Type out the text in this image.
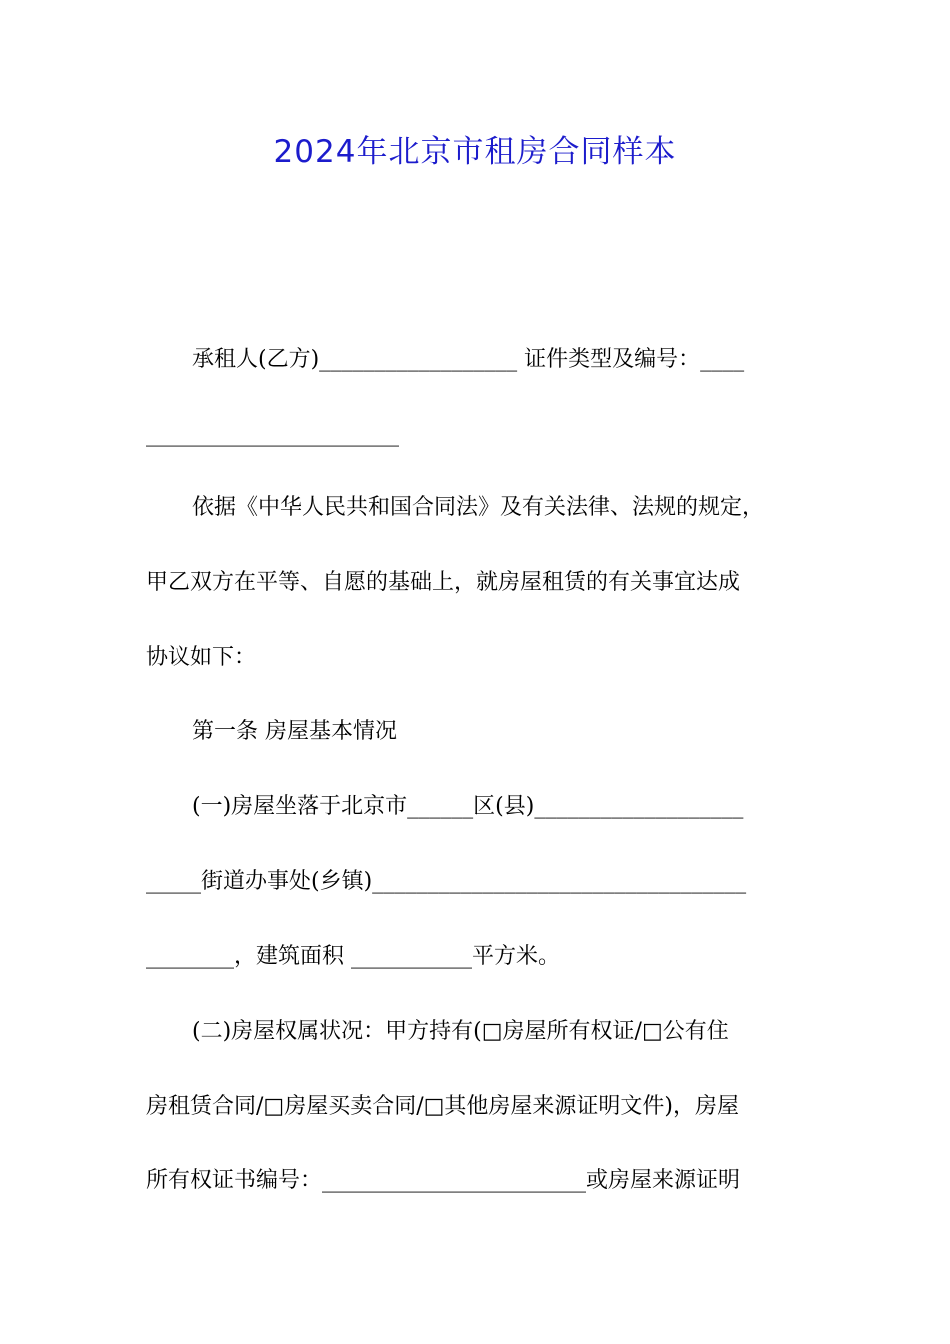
2024年北京市租房合同样本
承租人(乙方)__________________ 证件类型及编号：____
_______________________
依据《中华人民共和国合同法》及有关法律、法规的规定，
甲乙双方在平等、自愿的基础上，就房屋租赁的有关事宜达成
协议如下：
第一条 房屋基本情况
(一)房屋坐落于北京市______区(县)___________________
_____街道办事处(乡镇)__________________________________
________，建筑面积 ___________平方米。
(二)房屋权属状况：甲方持有(□房屋所有权证/□公有住
房租赁合同/□房屋买卖合同/□其他房屋来源证明文件)，房屋
所有权证书编号：________________________或房屋来源证明
